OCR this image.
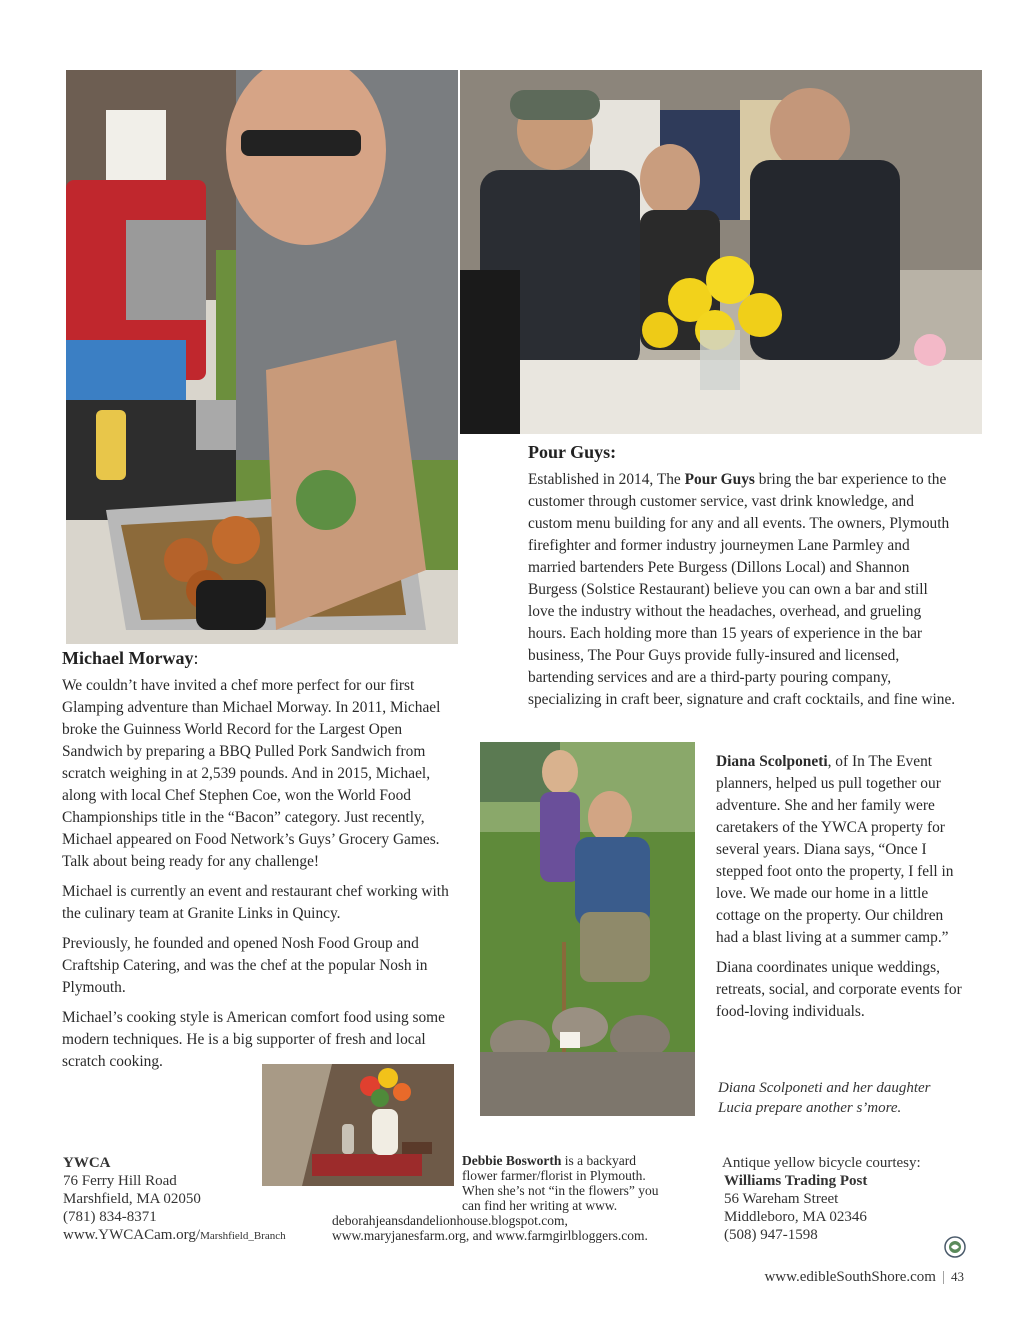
Michael Morway:

We couldn’t have invited a chef more perfect for our first Glamping adventure than Michael Morway. In 2011, Michael broke the Guinness World Record for the Largest Open Sandwich by preparing a BBQ Pulled Pork Sandwich from scratch weighing in at 2,539 pounds. And in 2015, Michael, along with local Chef Stephen Coe, won the World Food Championships title in the “Bacon” category. Just recently, Michael appeared on Food Network’s Guys’ Grocery Games. Talk about being ready for any challenge!

Michael is currently an event and restaurant chef working with the culinary team at Granite Links in Quincy.

Previously, he founded and opened Nosh Food Group and Craftship Catering, and was the chef at the popular Nosh in Plymouth.

Michael’s cooking style is American comfort food using some modern techniques. He is a big supporter of fresh and local scratch cooking.

Pour Guys:

Established in 2014, The Pour Guys bring the bar experience to the customer through customer service, vast drink knowledge, and custom menu building for any and all events. The owners, Plymouth firefighter and former industry journeymen Lane Parmley and married bartenders Pete Burgess (Dillons Local) and Shannon Burgess (Solstice Restaurant) believe you can own a bar and still love the industry without the headaches, overhead, and grueling hours. Each holding more than 15 years of experience in the bar business, The Pour Guys provide fully-insured and licensed, bartending services and are a third-party pouring company, specializing in craft beer, signature and craft cocktails, and fine wine.

Diana Scolponeti, of In The Event planners, helped us pull together our adventure. She and her family were caretakers of the YWCA property for several years. Diana says, “Once I stepped foot onto the property, I fell in love. We made our home in a little cottage on the property. Our children had a blast living at a summer camp.”

Diana coordinates unique weddings, retreats, social, and corporate events for food-loving individuals.

Diana Scolponeti and her daughter Lucia prepare another s’more.
YWCA
76 Ferry Hill Road
Marshfield, MA 02050
(781) 834-8371
www.YWCACam.org/Marshfield_Branch
Debbie Bosworth is a backyard flower farmer/florist in Plymouth. When she’s not “in the flowers” you can find her writing at www.
deborahjeansdandelionhouse.blogspot.com, www.maryjanesfarm.org, and www.farmgirlbloggers.com.
Antique yellow bicycle courtesy:
Williams Trading Post
56 Wareham Street
Middleboro, MA 02346
(508) 947-1598
www.edibleSouthShore.com | 43
